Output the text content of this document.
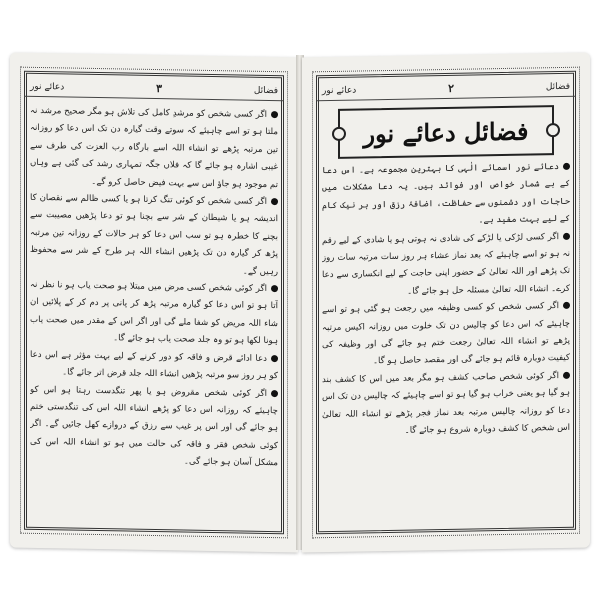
فضائل
۳
دعائے نور

اگر کسی شخص کو مرشدِ کامل کی تلاش ہو مگر صحیح مرشد نہ ملتا ہو تو اسے چاہیئے کہ سوتے وقت گیارہ دن تک اس دعا کو روزانہ تین مرتبہ پڑھے تو انشاء اللہ اسے بارگاہ رب العزت کی طرف سے غیبی اشارہ ہو جائے گا کہ فلاں جگہ تمہاری رشد کی گئی ہے وہاں تم موجود ہو جاؤ اس سے بہت فیض حاصل کرو گے۔

اگر کسی شخص کو کوئی تنگ کرتا ہو یا کسی ظالم سے نقصان کا اندیشہ ہو یا شیطان کے شر سے بچنا ہو تو دعا پڑھیں مصیبت سے بچنے کا خطرہ ہو تو سب اس دعا کو ہر حالات کے روزانہ تین مرتبہ پڑھ کر گیارہ دن تک پڑھیں انشاء اللہ ہر طرح کے شر سے محفوظ رہیں گے۔

اگر کوئی شخص کسی مرض میں مبتلا ہو صحت یاب ہو نا نظر نہ آتا ہو تو اس دعا کو گیارہ مرتبہ پڑھ کر پانی پر دم کر کے پلائیں ان شاء اللہ مریض کو شفا ملے گی اور اگر اس کے مقدر میں صحت یاب ہونا لکھا ہو تو وہ جلد صحت یاب ہو جائے گا۔

دعا ادائے قرض و فاقہ کو دور کرنے کے لیے بہت مؤثر ہے اس دعا کو ہر روز سو مرتبہ پڑھیں انشاء اللہ جلد قرض اتر جائے گا۔

اگر کوئی شخص مقروض ہو یا پھر تنگدست رہتا ہو اس کو چاہیئے کہ روزانہ اس دعا کو پڑھے انشاء اللہ اس کی تنگدستی ختم ہو جائے گی اور اس پر غیب سے رزق کے دروازے کھل جائیں گے۔ اگر کوئی شخص فقر و فاقہ کی حالت میں ہو تو انشاء اللہ اس کی مشکل آسان ہو جائے گی۔

فضائل
۲
دعائے نور
فضائل دعائے نور

دعائے نور اسمائے الٰہی کا بہترین مجموعہ ہے۔ اس دعا کے بے شمار خواص اور فوائد ہیں۔ یہ دعا مشکلات میں حاجات اور دشمنوں سے حفاظت، اضافۂ رزق اور ہر نیک کام کے لیے بہت مفید ہے۔

اگر کسی لڑکی یا لڑکے کی شادی نہ ہوتی ہو یا شادی کے لیے رقم نہ ہو تو اسے چاہیئے کہ بعد نماز عشاء ہر روز سات مرتبہ سات روز تک پڑھے اور اللہ تعالیٰ کے حضور اپنی حاجت کے لیے انکساری سے دعا کرے۔ انشاء اللہ تعالیٰ مسئلہ حل ہو جائے گا۔

اگر کسی شخص کو کسی وظیفہ میں رجعت ہو گئی ہو تو اسے چاہیئے کہ اس دعا کو چالیس دن تک خلوت میں روزانہ اکیس مرتبہ پڑھے تو انشاء اللہ تعالیٰ رجعت ختم ہو جائے گی اور وظیفہ کی کیفیت دوبارہ قائم ہو جائے گی اور مقصد حاصل ہو گا۔

اگر کوئی شخص صاحب کشف ہو مگر بعد میں اس کا کشف بند ہو گیا ہو یعنی خراب ہو گیا ہو تو اسے چاہیئے کہ چالیس دن تک اس دعا کو روزانہ چالیس مرتبہ بعد نماز فجر پڑھے تو انشاء اللہ تعالیٰ اس شخص کا کشف دوبارہ شروع ہو جائے گا۔
